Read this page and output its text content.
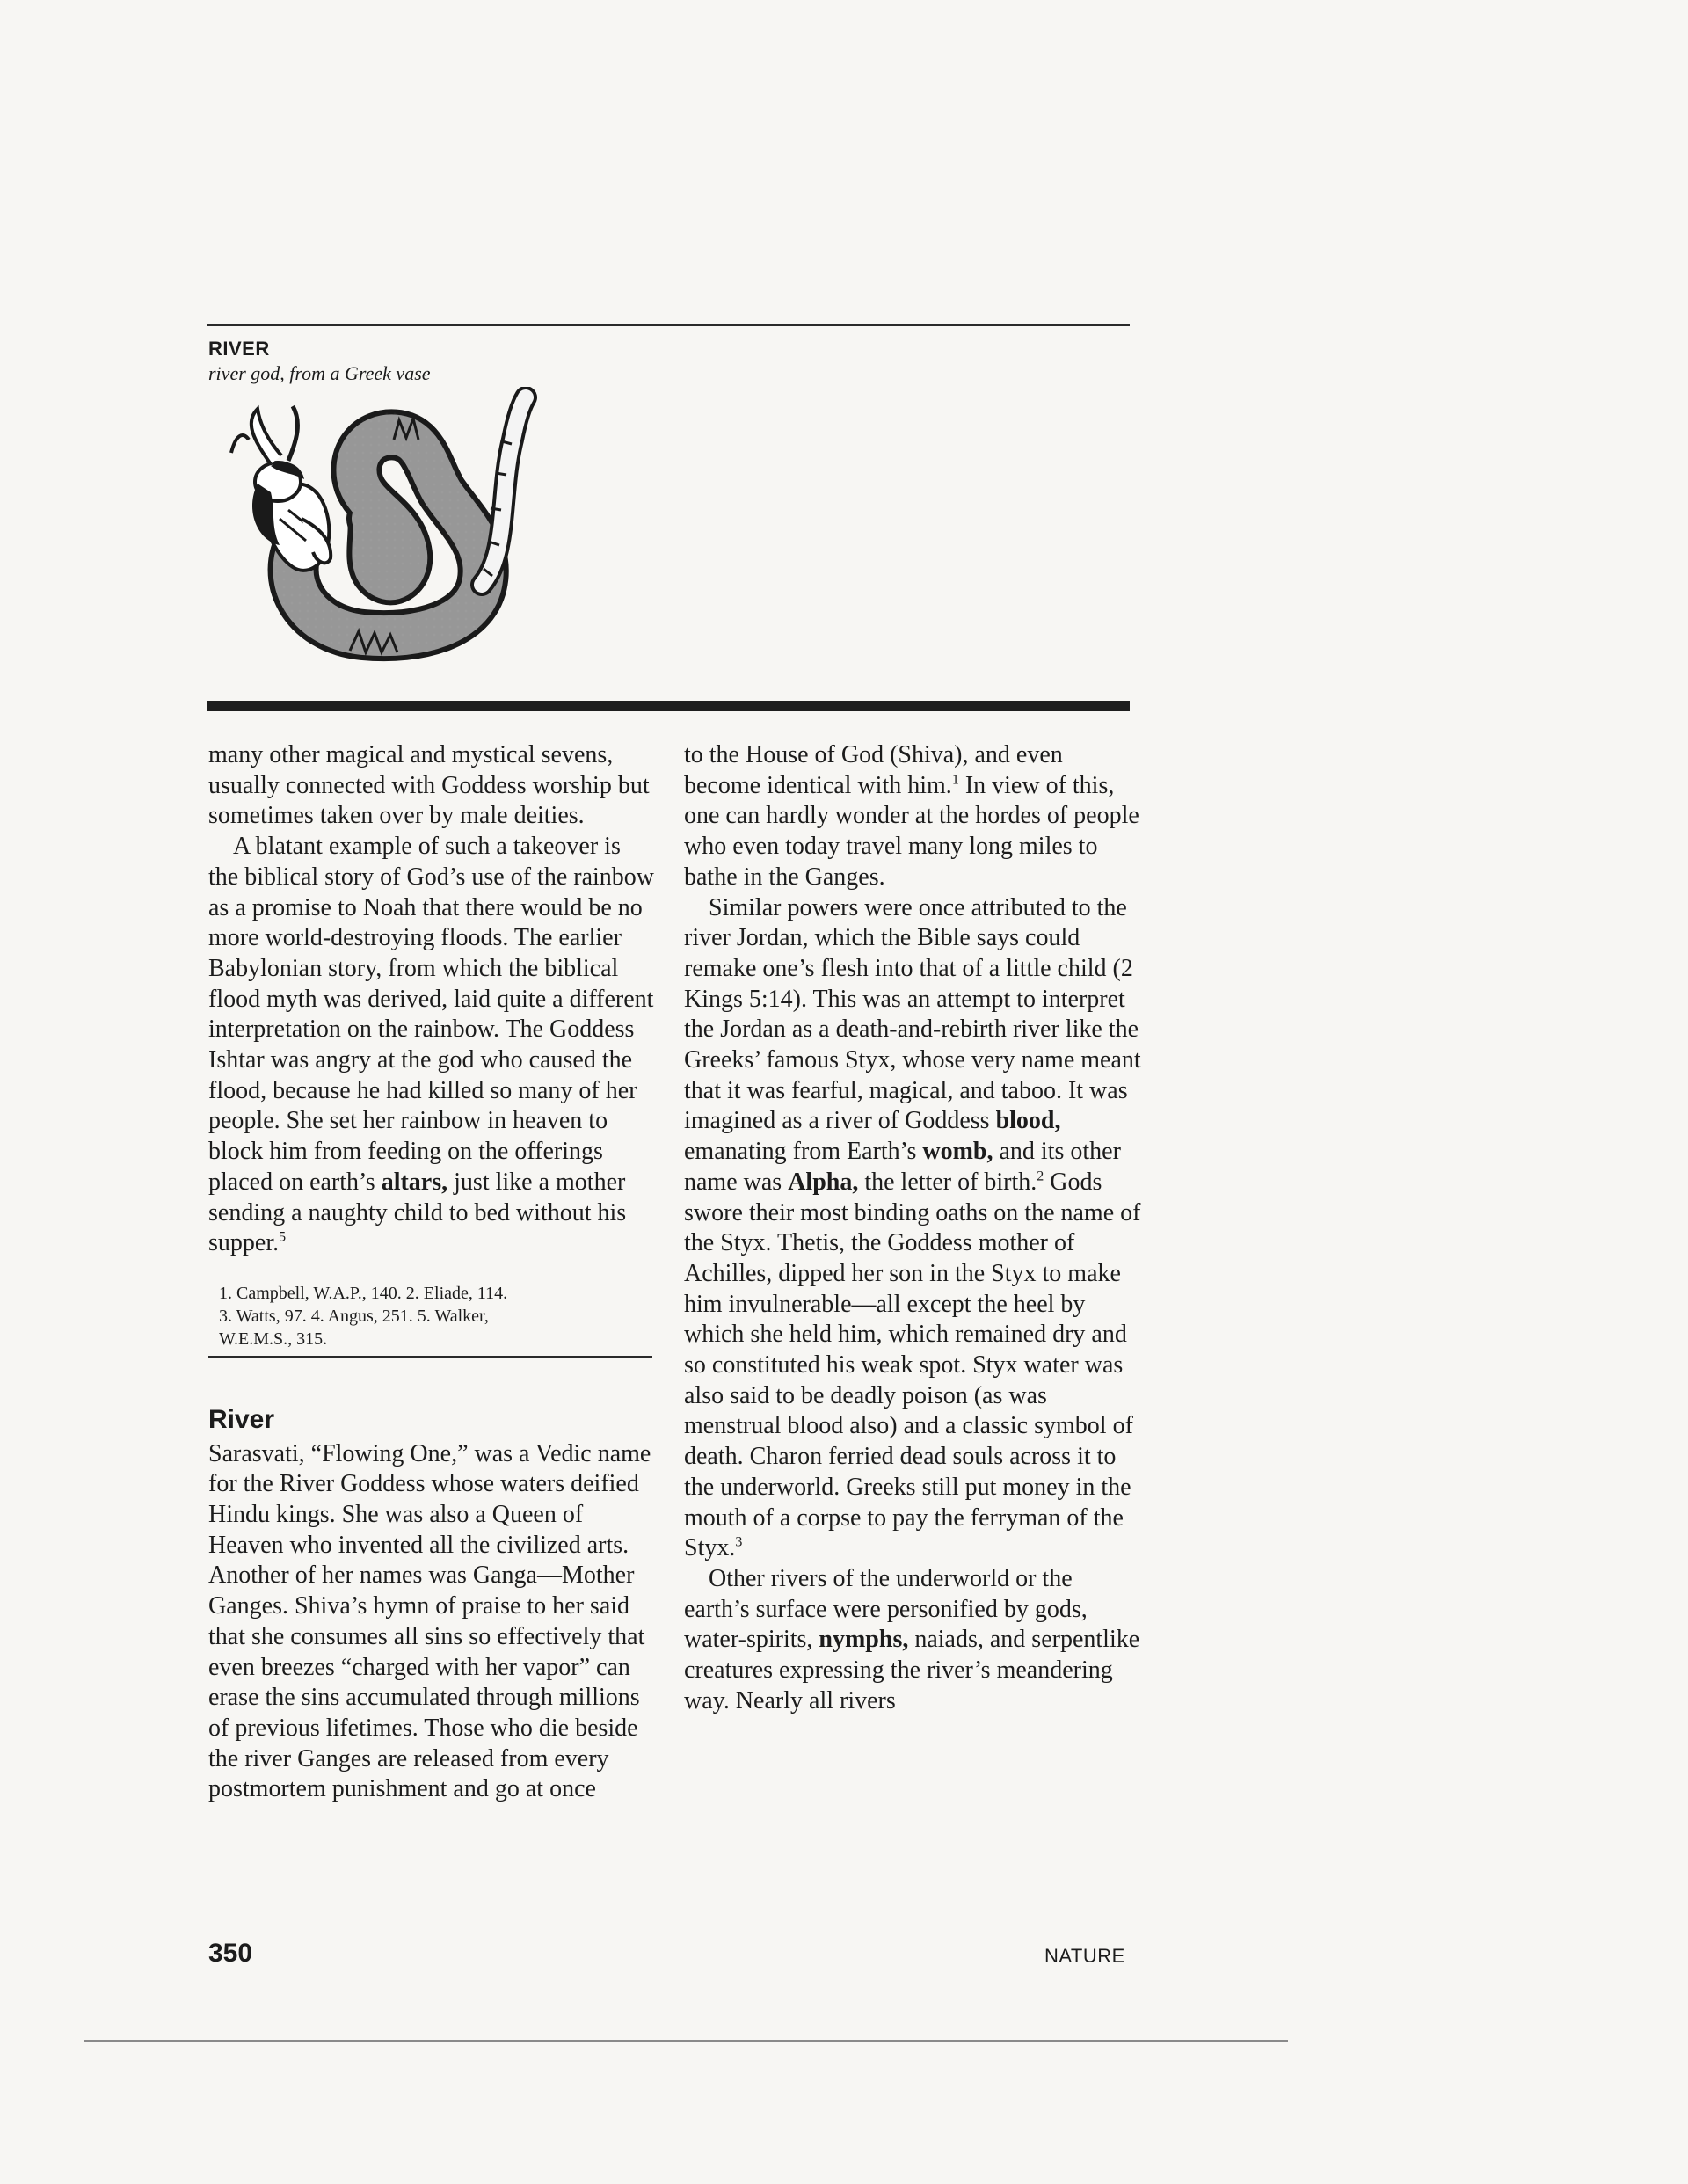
RIVER
river god, from a Greek vase

many other magical and mystical sevens, usually connected with Goddess worship but sometimes taken over by male deities.

A blatant example of such a takeover is the biblical story of God’s use of the rainbow as a promise to Noah that there would be no more world-destroying floods. The earlier Babylonian story, from which the biblical flood myth was derived, laid quite a different interpretation on the rainbow. The Goddess Ishtar was angry at the god who caused the flood, because he had killed so many of her people. She set her rainbow in heaven to block him from feeding on the offerings placed on earth’s altars, just like a mother sending a naughty child to bed without his supper.$^5$

1. Campbell, W.A.P., 140. 2. Eliade, 114.
3. Watts, 97. 4. Angus, 251. 5. Walker,
W.E.M.S., 315.
River

Sarasvati, “Flowing One,” was a Vedic name for the River Goddess whose waters deified Hindu kings. She was also a Queen of Heaven who invented all the civilized arts. Another of her names was Ganga—Mother Ganges. Shiva’s hymn of praise to her said that she consumes all sins so effectively that even breezes “charged with her vapor” can erase the sins accumulated through millions of previous lifetimes. Those who die beside the river Ganges are released from every postmortem punishment and go at once

to the House of God (Shiva), and even become identical with him.$^1$ In view of this, one can hardly wonder at the hordes of people who even today travel many long miles to bathe in the Ganges.

Similar powers were once attributed to the river Jordan, which the Bible says could remake one’s flesh into that of a little child (2 Kings 5:14). This was an attempt to interpret the Jordan as a death-and-rebirth river like the Greeks’ famous Styx, whose very name meant that it was fearful, magical, and taboo. It was imagined as a river of Goddess blood, emanating from Earth’s womb, and its other name was Alpha, the letter of birth.$^2$ Gods swore their most binding oaths on the name of the Styx. Thetis, the Goddess mother of Achilles, dipped her son in the Styx to make him invulnerable—all except the heel by which she held him, which remained dry and so constituted his weak spot. Styx water was also said to be deadly poison (as was menstrual blood also) and a classic symbol of death. Charon ferried dead souls across it to the underworld. Greeks still put money in the mouth of a corpse to pay the ferryman of the Styx.$^3$

Other rivers of the underworld or the earth’s surface were personified by gods, water-spirits, nymphs, naiads, and serpentlike creatures expressing the river’s meandering way. Nearly all rivers

350	NATURE
